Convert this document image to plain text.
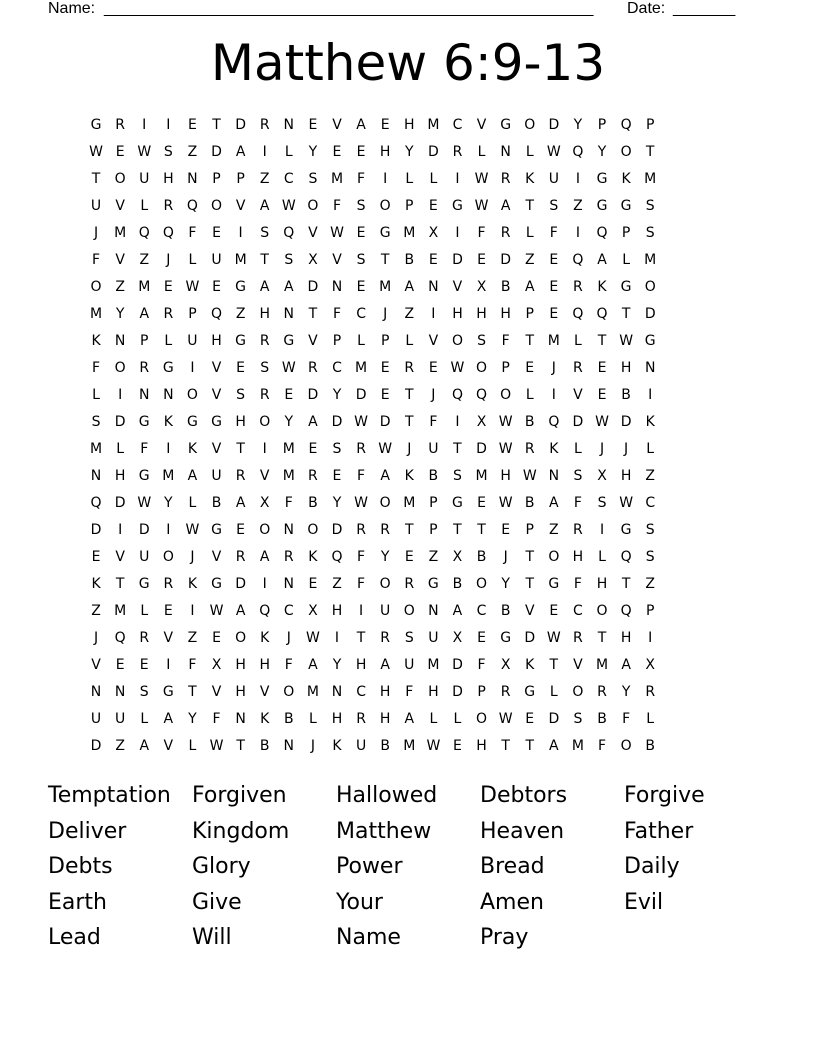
Name: _______________________________________________________ Date: _______
Matthew 6:9-13
G R	I	I	E	T	D R N	E	V	A	E	H M C	V G O D	Y	P	Q	P
W E W S	Z D A	I	L	Y	E	E	H	Y	D R	L	N	L W Q	Y	O	T
T	O U H N	P	P	Z	C	S M	F	I	L	L	I	W R	K	U	I	G	K M
U	V	L	R Q O V	A W O	F	S	O	P	E	G W A	T	S	Z G G	S
J	M Q Q	F	E	I	S	Q V W E	G M X	I	F	R	L	F	I	Q	P	S
F	V	Z	J	L	U M T	S	X	V	S	T	B	E	D	E	D Z	E	Q A	L	M
O Z M E W E	G A	A D N	E M A	N	V	X	B	A	E	R	K	G O
M Y	A	R	P	Q Z	H N	T	F	C	J	Z	I	H H H	P	E	Q Q	T	D
K	N	P	L	U H G R G V	P	L	P	L	V O	S	F	T M	L	T W G
F	O R G	I	V	E	S W R	C M E	R	E W O	P	E	J	R	E	H N
L	I	N N O V	S	R	E	D	Y	D	E	T	J	Q Q O	L	I	V	E	B	I
S	D G	K	G G H O	Y	A D W D	T	F	I	X W B Q D W D	K
M	L	F	I	K	V	T	I	M E	S	R W	J	U	T	D W R	K	L	J	J	L
N H G M A	U	R	V M R	E	F	A	K	B	S M H W N	S	X	H	Z
Q D W Y	L	B	A	X	F	B	Y W O M P	G	E W B	A	F	S W C
D	I	D	I	W G	E	O N O D R	R	T	P	T	T	E	P	Z	R	I	G	S
E	V	U O	J	V	R	A	R	K Q	F	Y	E	Z	X	B	J	T	O H	L	Q	S
K	T	G R	K	G D	I	N	E	Z	F	O R G B O	Y	T	G	F	H	T	Z
Z M	L	E	I	W A Q C	X	H	I	U O N	A	C	B	V	E	C O Q	P
J	Q R	V	Z	E	O K	J	W	I	T	R	S	U	X	E	G D W R	T	H	I
V	E	E	I	F	X	H H	F	A	Y	H	A	U M D	F	X	K	T	V M A	X
N N	S	G	T	V	H	V O M N C H	F	H D	P	R G	L	O R	Y	R
U U	L	A	Y	F	N	K	B	L	H R H	A	L	L	O W E	D	S	B	F	L
D Z	A	V	L W T	B	N	J	K	U	B M W E	H	T	T	A M	F	O B
Temptation Forgiven	Hallowed	Debtors	Forgive
Deliver	Kingdom	Matthew	Heaven	Father
Debts	Glory	Power	Bread	Daily
Earth	Give	Your	Amen	Evil
Lead	Will	Name	Pray
